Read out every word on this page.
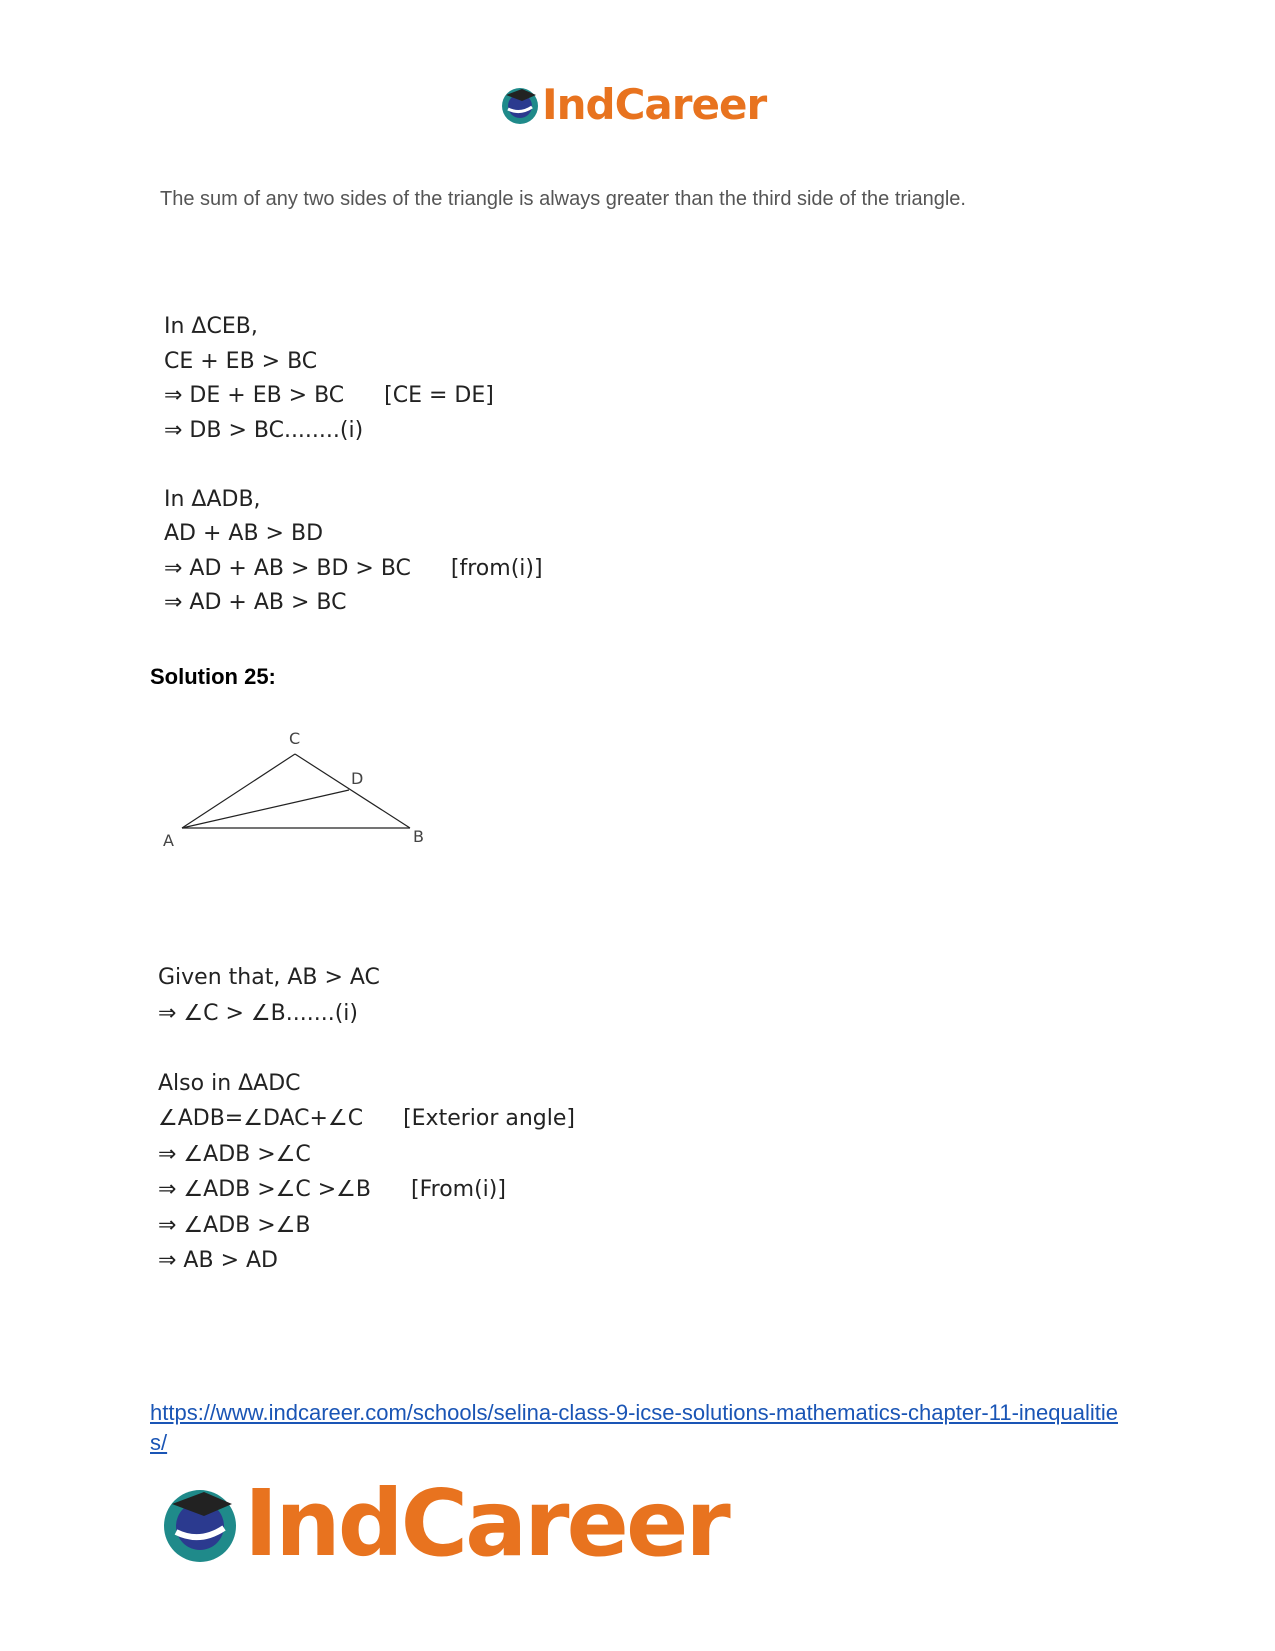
IndCareer
The sum of any two sides of the triangle is always greater than the third side of the triangle.
In ΔCEB,
CE + EB > BC
⇒ DE + EB > BC [CE = DE]
⇒ DB > BC........(i)
In ΔADB,
AD + AB > BD
⇒ AD + AB > BD > BC [from(i)]
⇒ AD + AB > BC
Solution 25:
C
D
A	B
Given that, AB > AC
⇒ ∠C > ∠B.......(i)
Also in ΔADC
∠ADB=∠DAC+∠C [Exterior angle]
⇒ ∠ADB >∠C
⇒ ∠ADB >∠C >∠B [From(i)]
⇒ ∠ADB >∠B
⇒ AB > AD
https://www.indcareer.com/schools/selina-class-9-icse-solutions-mathematics-chapter-11-inequalities/
IndCareer
